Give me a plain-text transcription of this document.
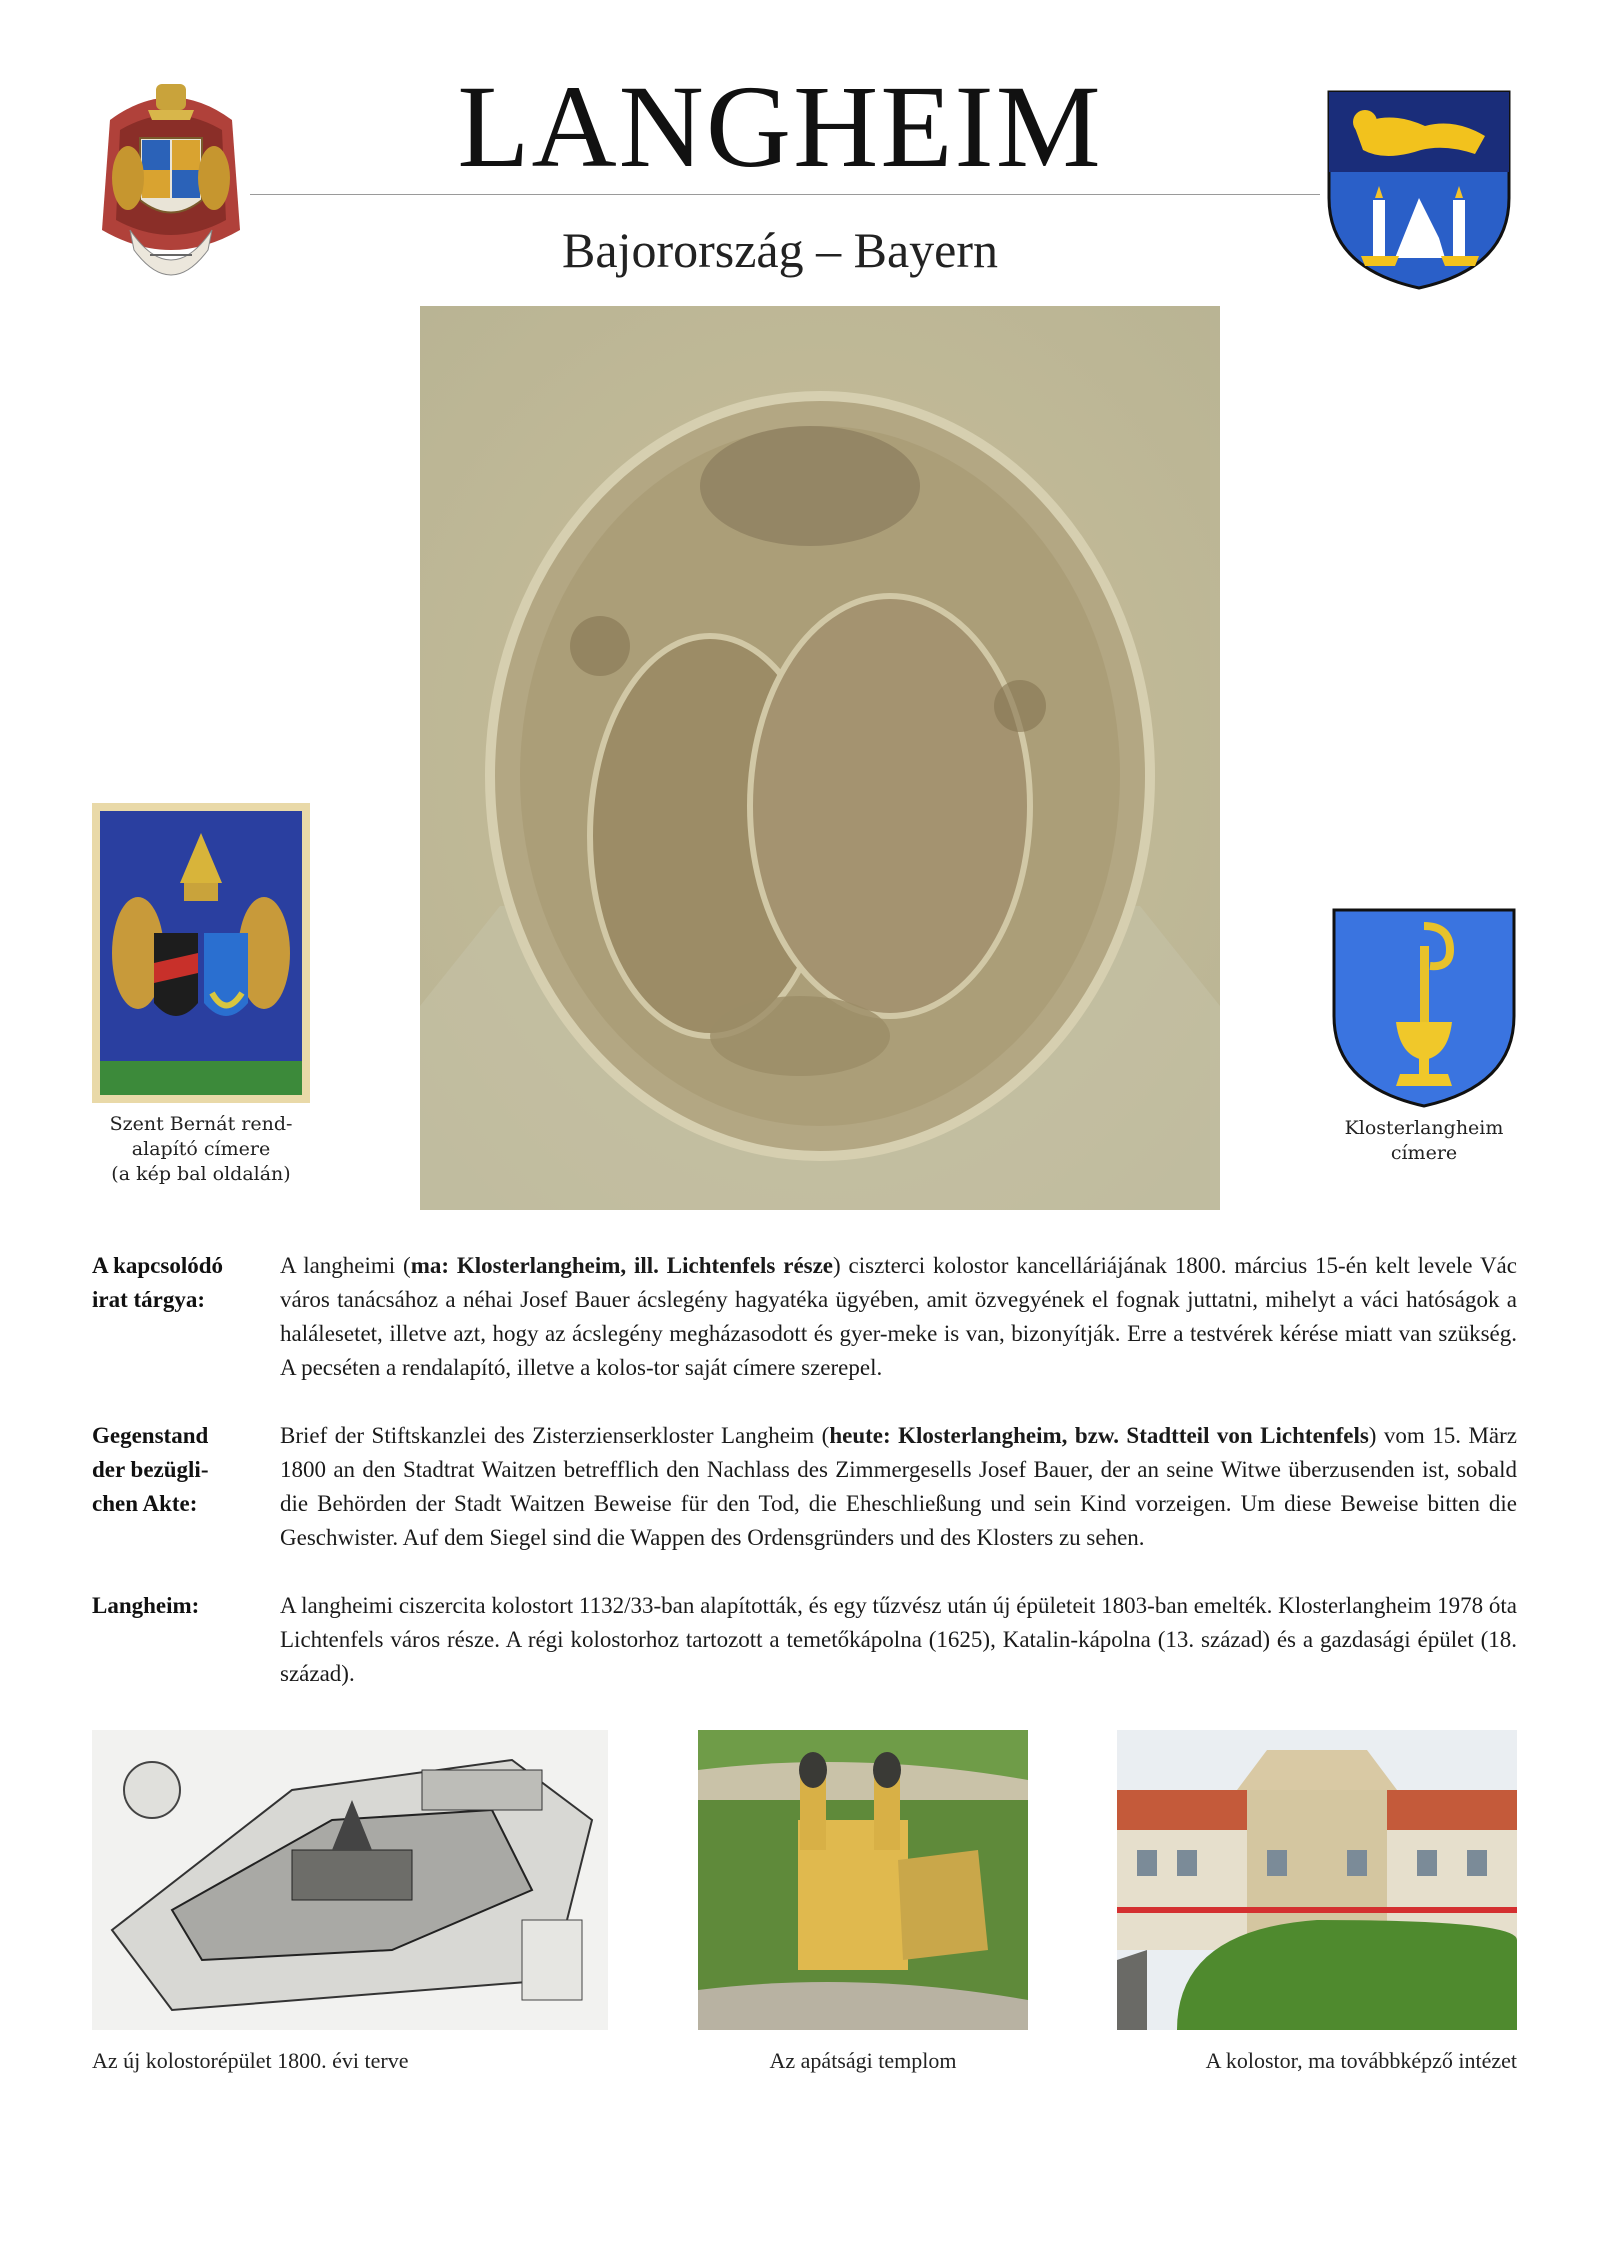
LANGHEIM
Bajorország – Bayern
Szent Bernát rend-
alapító címere
(a kép bal oldalán)
Klosterlangheim
címere
A kapcsolódó
irat tárgya:
A langheimi (ma: Klosterlangheim, ill. Lichtenfels része) ciszterci kolostor kancelláriájának 1800. március 15-én kelt levele Vác város tanácsához a néhai Josef Bauer ácslegény hagyatéka ügyében, amit özvegyének el fognak juttatni, mihelyt a váci hatóságok a halálesetet, illetve azt, hogy az ácslegény megházasodott és gyer-meke is van, bizonyítják. Erre a testvérek kérése miatt van szükség. A pecséten a rendalapító, illetve a kolos-tor saját címere szerepel.
Gegenstand
der bezügli-
chen Akte:
Brief der Stiftskanzlei des Zisterzienserkloster Langheim (heute: Klosterlangheim, bzw. Stadtteil von Lichtenfels) vom 15. März 1800 an den Stadtrat Waitzen betrefflich den Nachlass des Zimmergesells Josef Bauer, der an seine Witwe überzusenden ist, sobald die Behörden der Stadt Waitzen Beweise für den Tod, die Eheschließung und sein Kind vorzeigen. Um diese Beweise bitten die Geschwister. Auf dem Siegel sind die Wappen des Ordensgründers und des Klosters zu sehen.
Langheim:	A langheimi ciszercita kolostort 1132/33-ban alapították, és egy tűzvész után új épületeit 1803-ban emelték. Klosterlangheim 1978 óta Lichtenfels város része. A régi kolostorhoz tartozott a temetőkápolna (1625), Katalin-kápolna (13. század) és a gazdasági épület (18. század).
Az új kolostorépület 1800. évi terve	Az apátsági templom	A kolostor, ma továbbképző intézet
